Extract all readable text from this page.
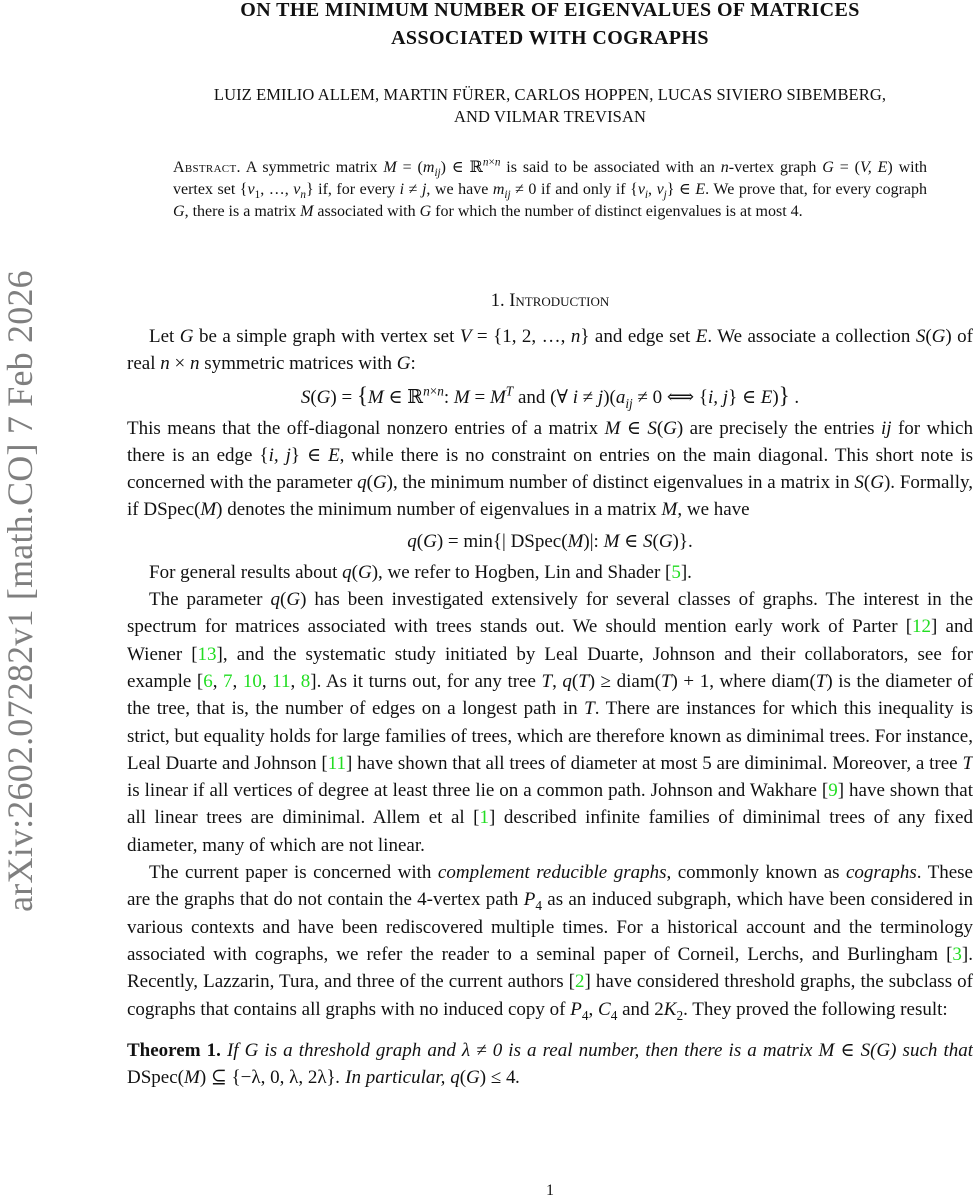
arXiv:2602.07282v1 [math.CO] 7 Feb 2026
ON THE MINIMUM NUMBER OF EIGENVALUES OF MATRICES
ASSOCIATED WITH COGRAPHS
LUIZ EMILIO ALLEM, MARTIN FÜRER, CARLOS HOPPEN, LUCAS SIVIERO SIBEMBERG,
AND VILMAR TREVISAN
Abstract. A symmetric matrix $M = (m_{ij})$ ∈ ℝ$^{n\times n}$ is said to be associated with an n-vertex graph G = (V, E) with vertex set {$v_1$, …, $v_n$} if, for every i ≠ j, we have $m_{ij} \ne 0$ if and only if {$v_i$, $v_j$} ∈ E. We prove that, for every cograph G, there is a matrix M associated with G for which the number of distinct eigenvalues is at most 4.
1. Introduction

Let G be a simple graph with vertex set V = {1, 2, …, n} and edge set E. We associate a collection S(G) of real n × n symmetric matrices with G:

S(G) = {M ∈ ℝ$^{n\times n}$: $M = M^T$ and (∀ $i \ne j)(a_{ij} \ne 0$ ⟺ {i, j} ∈ E)} .

This means that the off-diagonal nonzero entries of a matrix M ∈ S(G) are precisely the entries ij for which there is an edge {i, j} ∈ E, while there is no constraint on entries on the main diagonal. This short note is concerned with the parameter q(G), the minimum number of distinct eigenvalues in a matrix in S(G). Formally, if DSpec(M) denotes the minimum number of eigenvalues in a matrix M, we have

q(G) = min{| DSpec(M)|: M ∈ S(G)}.

For general results about q(G), we refer to Hogben, Lin and Shader [5].

The parameter q(G) has been investigated extensively for several classes of graphs. The interest in the spectrum for matrices associated with trees stands out. We should mention early work of Parter [12] and Wiener [13], and the systematic study initiated by Leal Duarte, Johnson and their collaborators, see for example [6, 7, 10, 11, 8]. As it turns out, for any tree T, q(T) ≥ diam(T) + 1, where diam(T) is the diameter of the tree, that is, the number of edges on a longest path in T. There are instances for which this inequality is strict, but equality holds for large families of trees, which are therefore known as diminimal trees. For instance, Leal Duarte and Johnson [11] have shown that all trees of diameter at most 5 are diminimal. Moreover, a tree T is linear if all vertices of degree at least three lie on a common path. Johnson and Wakhare [9] have shown that all linear trees are diminimal. Allem et al [1] described infinite families of diminimal trees of any fixed diameter, many of which are not linear.

The current paper is concerned with complement reducible graphs, commonly known as cographs. These are the graphs that do not contain the 4-vertex path $P_4$ as an induced subgraph, which have been considered in various contexts and have been rediscovered multiple times. For a historical account and the terminology associated with cographs, we refer the reader to a seminal paper of Corneil, Lerchs, and Burlingham [3]. Recently, Lazzarin, Tura, and three of the current authors [2] have considered threshold graphs, the subclass of cographs that contains all graphs with no induced copy of $P_4$, $C_4$ and $2K_2$. They proved the following result:

Theorem 1. If G is a threshold graph and λ ≠ 0 is a real number, then there is a matrix M ∈ S(G) such that DSpec(M) ⊆ {−λ, 0, λ, 2λ}. In particular, q(G) ≤ 4.
1
